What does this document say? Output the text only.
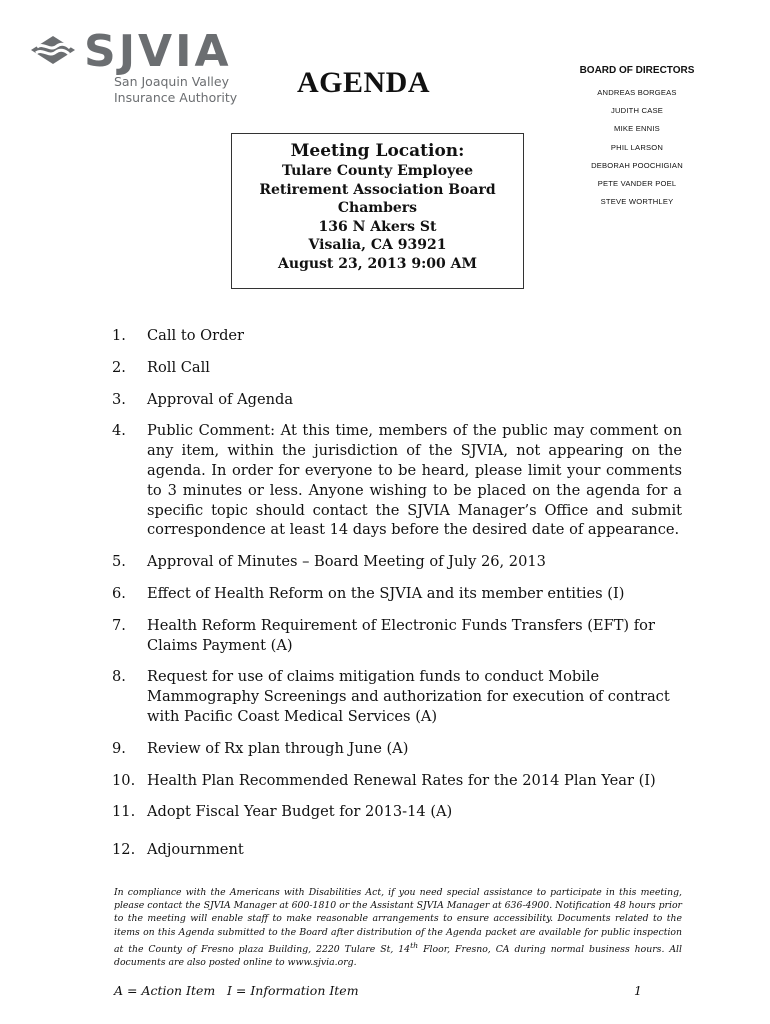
SJVIA
San Joaquin Valley Insurance Authority	AGENDA	BOARD OF DIRECTORS
ANDREAS BORGEAS
JUDITH CASE
MIKE ENNIS
PHIL LARSON
DEBORAH POOCHIGIAN
PETE VANDER POEL
STEVE WORTHLEY
Meeting Location:
Tulare County Employee
Retirement Association Board
Chambers
136 N Akers St
Visalia, CA 93921
August 23, 2013 9:00 AM
1.	Call to Order
2.	Roll Call
3.	Approval of Agenda
4.	Public Comment: At this time, members of the public may comment on any item, within the jurisdiction of the SJVIA, not appearing on the agenda. In order for everyone to be heard, please limit your comments to 3 minutes or less. Anyone wishing to be placed on the agenda for a specific topic should contact the SJVIA Manager’s Office and submit correspondence at least 14 days before the desired date of appearance.
5.	Approval of Minutes – Board Meeting of July 26, 2013
6.	Effect of Health Reform on the SJVIA and its member entities (I)
7.	Health Reform Requirement of Electronic Funds Transfers (EFT) for Claims Payment (A)
8.	Request for use of claims mitigation funds to conduct Mobile Mammography Screenings and authorization for execution of contract with Pacific Coast Medical Services (A)
9.	Review of Rx plan through June (A)
10. Health Plan Recommended Renewal Rates for the 2014 Plan Year (I)
11. Adopt Fiscal Year Budget for 2013-14 (A)
12. Adjournment
In compliance with the Americans with Disabilities Act, if you need special assistance to participate in this meeting, please contact the SJVIA Manager at 600-1810 or the Assistant SJVIA Manager at 636-4900. Notification 48 hours prior to the meeting will enable staff to make reasonable arrangements to ensure accessibility. Documents related to the items on this Agenda submitted to the Board after distribution of the Agenda packet are available for public inspection at the County of Fresno plaza Building, 2220 Tulare St, 14th Floor, Fresno, CA during normal business hours. All documents are also posted online to www.sjvia.org.
A = Action Item I = Information Item	1
